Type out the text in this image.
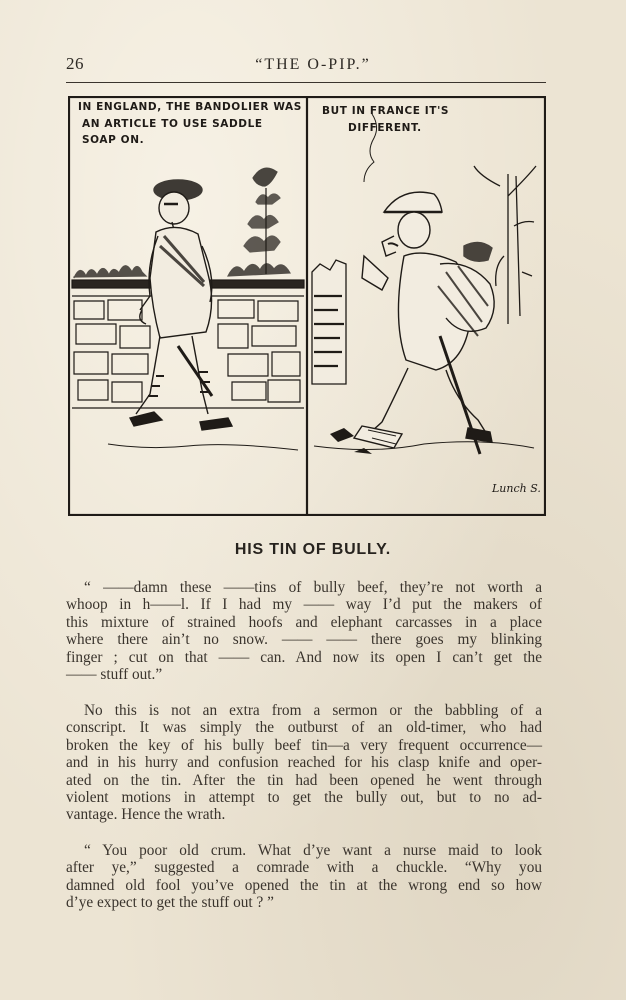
26	“THE O-PIP.”
IN ENGLAND, THE BANDOLIER WAS
AN ARTICLE TO USE SADDLE
SOAP ON.
BUT IN FRANCE IT'S
DIFFERENT.
Lunch S.
HIS TIN OF BULLY.
“ ——damn these ——tins of bully beef, they’re not worth a
whoop in h——l. If I had my —— way I’d put the makers of
this mixture of strained hoofs and elephant carcasses in a place
where there ain’t no snow. —— —— there goes my blinking
finger ; cut on that —— can. And now its open I can’t get the
—— stuff out.”
No this is not an extra from a sermon or the babbling of a
conscript. It was simply the outburst of an old-timer, who had
broken the key of his bully beef tin—a very frequent occurrence—
and in his hurry and confusion reached for his clasp knife and oper-
ated on the tin. After the tin had been opened he went through
violent motions in attempt to get the bully out, but to no ad-
vantage. Hence the wrath.
“ You poor old crum. What d’ye want a nurse maid to look
after ye,” suggested a comrade with a chuckle. “Why you
damned old fool you’ve opened the tin at the wrong end so how
d’ye expect to get the stuff out ? ”
